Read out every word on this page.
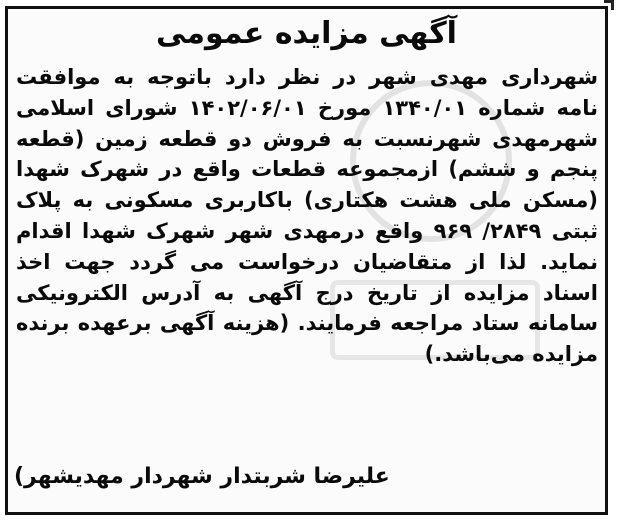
آگهی مزایده عمومی
شهرداری مهدی شهر در نظر دارد باتوجه به موافقت نامه شماره ۱۳۴۰/۰۱ مورخ ۱۴۰۲/۰۶/۰۱ شورای اسلامی شهرمهدی شهرنسبت به فروش دو قطعه زمین (قطعه پنجم و ششم) ازمجموعه قطعات واقع در شهرک شهدا (مسکن ملی هشت هکتاری) باکاربری مسکونی به پلاک ثبتی ۲۸۴۹/ ۹۶۹ واقع درمهدی شهر شهرک شهدا اقدام نماید. لذا از متقاضیان درخواست می گردد جهت اخذ اسناد مزایده از تاریخ درج آگهی به آدرس الکترونیکی سامانه ستاد مراجعه فرمایند. (هزینه آگهی برعهده برنده مزایده می‌باشد.)
علیرضا شربتدار شهردار مهدیشهر)
